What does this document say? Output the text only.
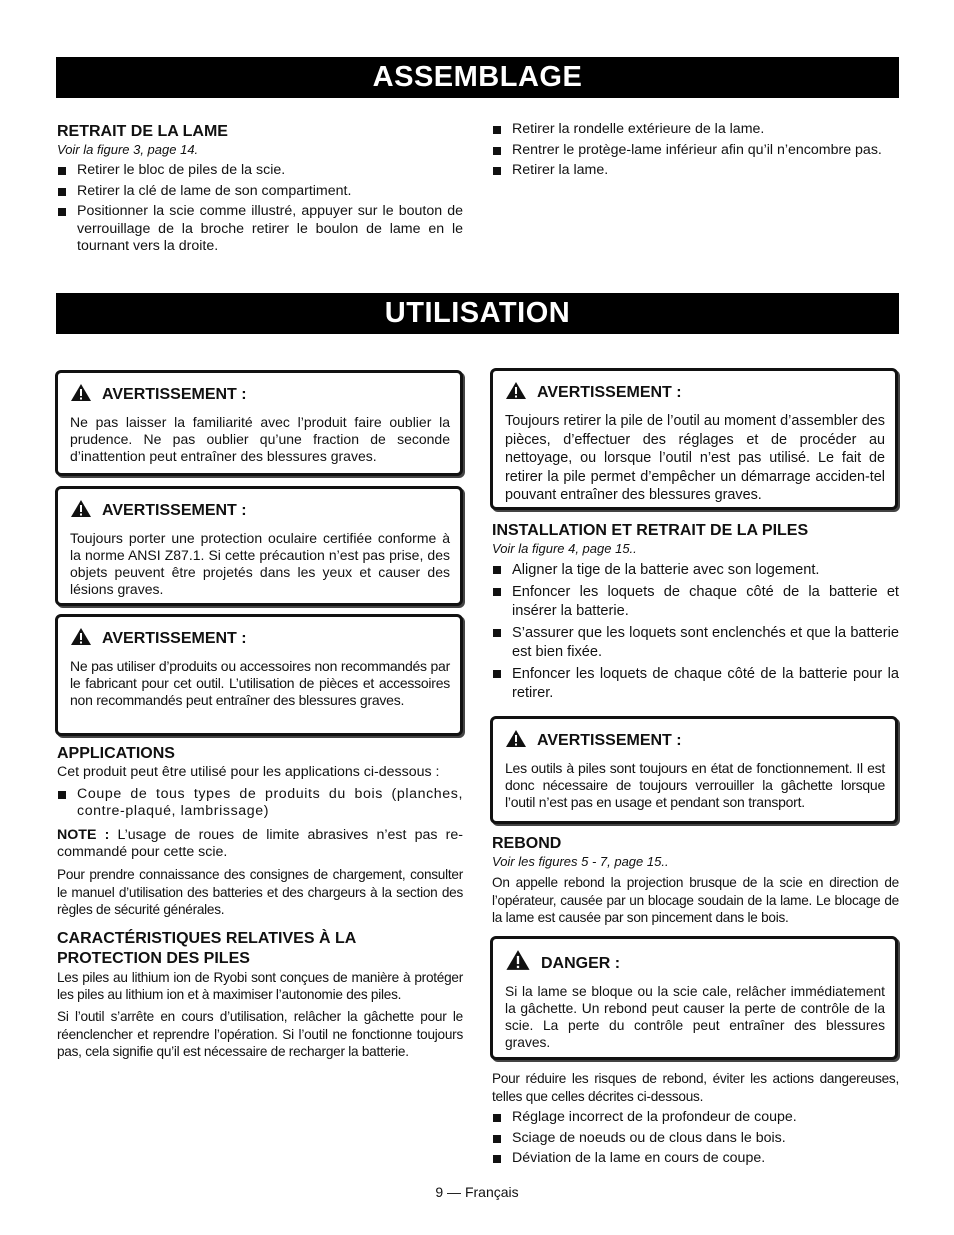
ASSEMBLAGE
RETRAIT DE LA LAME
Voir la figure 3, page 14.
Retirer le bloc de piles de la scie.
Retirer la clé de lame de son compartiment.
Positionner la scie comme illustré, appuyer sur le bouton de verrouillage de la broche retirer le boulon de lame en le tournant vers la droite.
Retirer la rondelle extérieure de la lame.
Rentrer le protège-lame inférieur afin qu’il n’encombre pas.
Retirer la lame.
UTILISATION
AVERTISSEMENT :

Ne pas laisser la familiarité avec l’produit faire oublier la prudence. Ne pas oublier qu’une fraction de seconde d’inattention peut entraîner des blessures graves.

AVERTISSEMENT :

Toujours porter une protection oculaire certifiée conforme à la norme ANSI Z87.1. Si cette précaution n’est pas prise, des objets peuvent être projetés dans les yeux et causer des lésions graves.

AVERTISSEMENT :

Ne pas utiliser d’produits ou accessoires non recommandés par le fabricant pour cet outil. L’utilisation de pièces et accessoires non recommandés peut entraîner des blessures graves.

APPLICATIONS

Cet produit peut être utilisé pour les applications ci-dessous :

Coupe de tous types de produits du bois (planches, contre-plaqué, lambrissage)

NOTE : L’usage de roues de limite abrasives n’est pas re-commandé pour cette scie.

Pour prendre connaissance des consignes de chargement, consulter le manuel d’utilisation des batteries et des chargeurs à la section des règles de sécurité générales.

CARACTÉRISTIQUES RELATIVES À LA PROTECTION DES PILES

Les piles au lithium ion de Ryobi sont conçues de manière à protéger les piles au lithium ion et à maximiser l’autonomie des piles.

Si l’outil s’arrête en cours d’utilisation, relâcher la gâchette pour le réenclencher et reprendre l’opération. Si l’outil ne fonctionne toujours pas, cela signifie qu’il est nécessaire de recharger la batterie.

AVERTISSEMENT :

Toujours retirer la pile de l’outil au moment d’assembler des pièces, d’effectuer des réglages et de procéder au nettoyage, ou lorsque l’outil n’est pas utilisé. Le fait de retirer la pile permet d’empêcher un démarrage acciden-tel pouvant entraîner des blessures graves.

INSTALLATION ET RETRAIT DE LA PILES
Voir la figure 4, page 15..
Aligner la tige de la batterie avec son logement.
Enfoncer les loquets de chaque côté de la batterie et insérer la batterie.
S’assurer que les loquets sont enclenchés et que la batterie est bien fixée.
Enfoncer les loquets de chaque côté de la batterie pour la retirer.
AVERTISSEMENT :

Les outils à piles sont toujours en état de fonctionnement. Il est donc nécessaire de toujours verrouiller la gâchette lorsque l’outil n’est pas en usage et pendant son transport.

REBOND
Voir les figures 5 - 7, page 15..

On appelle rebond la projection brusque de la scie en direction de l’opérateur, causée par un blocage soudain de la lame. Le blocage de la lame est causée par son pincement dans le bois.

DANGER :

Si la lame se bloque ou la scie cale, relâcher immédiatement la gâchette. Un rebond peut causer la perte de contrôle de la scie. La perte du contrôle peut entraîner des blessures graves.

Pour réduire les risques de rebond, éviter les actions dangereuses, telles que celles décrites ci-dessous.

Réglage incorrect de la profondeur de coupe.
Sciage de noeuds ou de clous dans le bois.
Déviation de la lame en cours de coupe.
9 — Français
